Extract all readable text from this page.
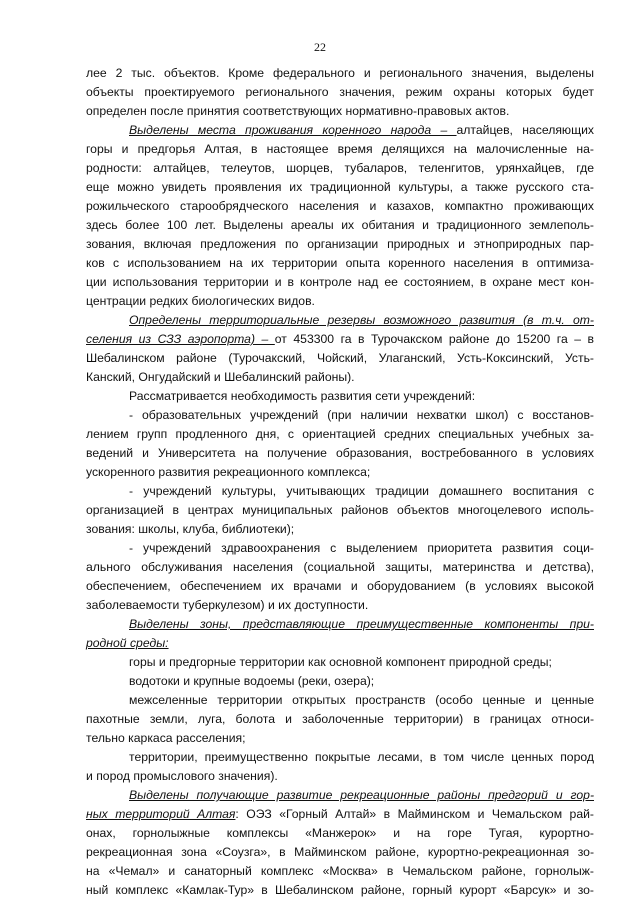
22
лее 2 тыс. объектов. Кроме федерального и регионального значения, выделены
объекты проектируемого регионального значения, режим охраны которых будет
определен после принятия соответствующих нормативно-правовых актов.
Выделены места проживания коренного народа – алтайцев, населяющих
горы и предгорья Алтая, в настоящее время делящихся на малочисленные на-
родности: алтайцев, телеутов, шорцев, тубаларов, теленгитов, урянхайцев, где
еще можно увидеть проявления их традиционной культуры, а также русского ста-
рожильческого старообрядческого населения и казахов, компактно проживающих
здесь более 100 лет. Выделены ареалы их обитания и традиционного землеполь-
зования, включая предложения по организации природных и этноприродных пар-
ков с использованием на их территории опыта коренного населения в оптимиза-
ции использования территории и в контроле над ее состоянием, в охране мест кон-
центрации редких биологических видов.
Определены территориальные резервы возможного развития (в т.ч. от-
селения из СЗЗ аэропорта) – от 453300 га в Турочакском районе до 15200 га – в
Шебалинском районе (Турочакский, Чойский, Улаганский, Усть-Коксинский, Усть-
Канский, Онгудайский и Шебалинский районы).
Рассматривается необходимость развития сети учреждений:
- образовательных учреждений (при наличии нехватки школ) с восстанов-
лением групп продленного дня, с ориентацией средних специальных учебных за-
ведений и Университета на получение образования, востребованного в условиях
ускоренного развития рекреационного комплекса;
- учреждений культуры, учитывающих традиции домашнего воспитания с
организацией в центрах муниципальных районов объектов многоцелевого исполь-
зования: школы, клуба, библиотеки);
- учреждений здравоохранения с выделением приоритета развития соци-
ального обслуживания населения (социальной защиты, материнства и детства),
обеспечением, обеспечением их врачами и оборудованием (в условиях высокой
заболеваемости туберкулезом) и их доступности.
Выделены зоны, представляющие преимущественные компоненты при-
родной среды:
горы и предгорные территории как основной компонент природной среды;
водотоки и крупные водоемы (реки, озера);
межселенные территории открытых пространств (особо ценные и ценные
пахотные земли, луга, болота и заболоченные территории) в границах относи-
тельно каркаса расселения;
территории, преимущественно покрытые лесами, в том числе ценных пород
и пород промыслового значения).
Выделены получающие развитие рекреационные районы предгорий и гор-
ных территорий Алтая: ОЭЗ «Горный Алтай» в Майминском и Чемальском рай-
онах, горнолыжные комплексы «Манжерок» и на горе Тугая, курортно-
рекреационная зона «Соузга», в Майминском районе, курортно-рекреационная зо-
на «Чемал» и санаторный комплекс «Москва» в Чемальском районе, горнолыж-
ный комплекс «Камлак-Тур» в Шебалинском районе, горный курорт «Барсук» и зо-
